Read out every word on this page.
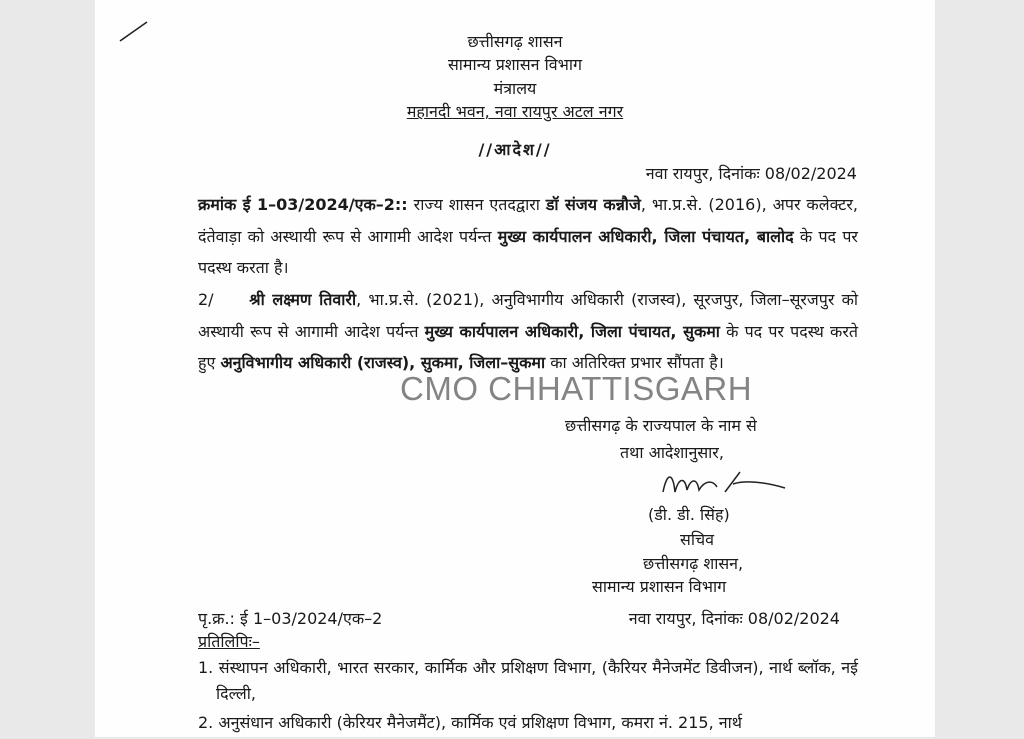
छत्तीसगढ़ शासन
सामान्य प्रशासन विभाग
मंत्रालय
महानदी भवन, नवा रायपुर अटल नगर
//आदेश//
नवा रायपुर, दिनांकः 08/02/2024
क्रमांक ई 1–03/2024/एक–2:: राज्य शासन एतदद्वारा डॉ संजय कन्नौजे, भा.प्र.से. (2016), अपर कलेक्टर, दंतेवाड़ा को अस्थायी रूप से आगामी आदेश पर्यन्त मुख्य कार्यपालन अधिकारी, जिला पंचायत, बालोद के पद पर पदस्थ करता है।
2/ श्री लक्ष्मण तिवारी, भा.प्र.से. (2021), अनुविभागीय अधिकारी (राजस्व), सूरजपुर, जिला–सूरजपुर को अस्थायी रूप से आगामी आदेश पर्यन्त मुख्य कार्यपालन अधिकारी, जिला पंचायत, सुकमा के पद पर पदस्थ करते हुए अनुविभागीय अधिकारी (राजस्व), सुकमा, जिला–सुकमा का अतिरिक्त प्रभार सौंपता है।
CMO CHHATTISGARH
छत्तीसगढ़ के राज्यपाल के नाम से
तथा आदेशानुसार,
(डी. डी. सिंह)
सचिव
छत्तीसगढ़ शासन,
सामान्य प्रशासन विभाग
पृ.क्र.: ई 1–03/2024/एक–2	नवा रायपुर, दिनांकः 08/02/2024
प्रतिलिपिः–
1. संस्थापन अधिकारी, भारत सरकार, कार्मिक और प्रशिक्षण विभाग, (कैरियर मैनेजमेंट डिवीजन), नार्थ ब्लॉक, नई दिल्ली,
2. अनुसंधान अधिकारी (केरियर मैनेजमैंट), कार्मिक एवं प्रशिक्षण विभाग, कमरा नं. 215, नार्थ
